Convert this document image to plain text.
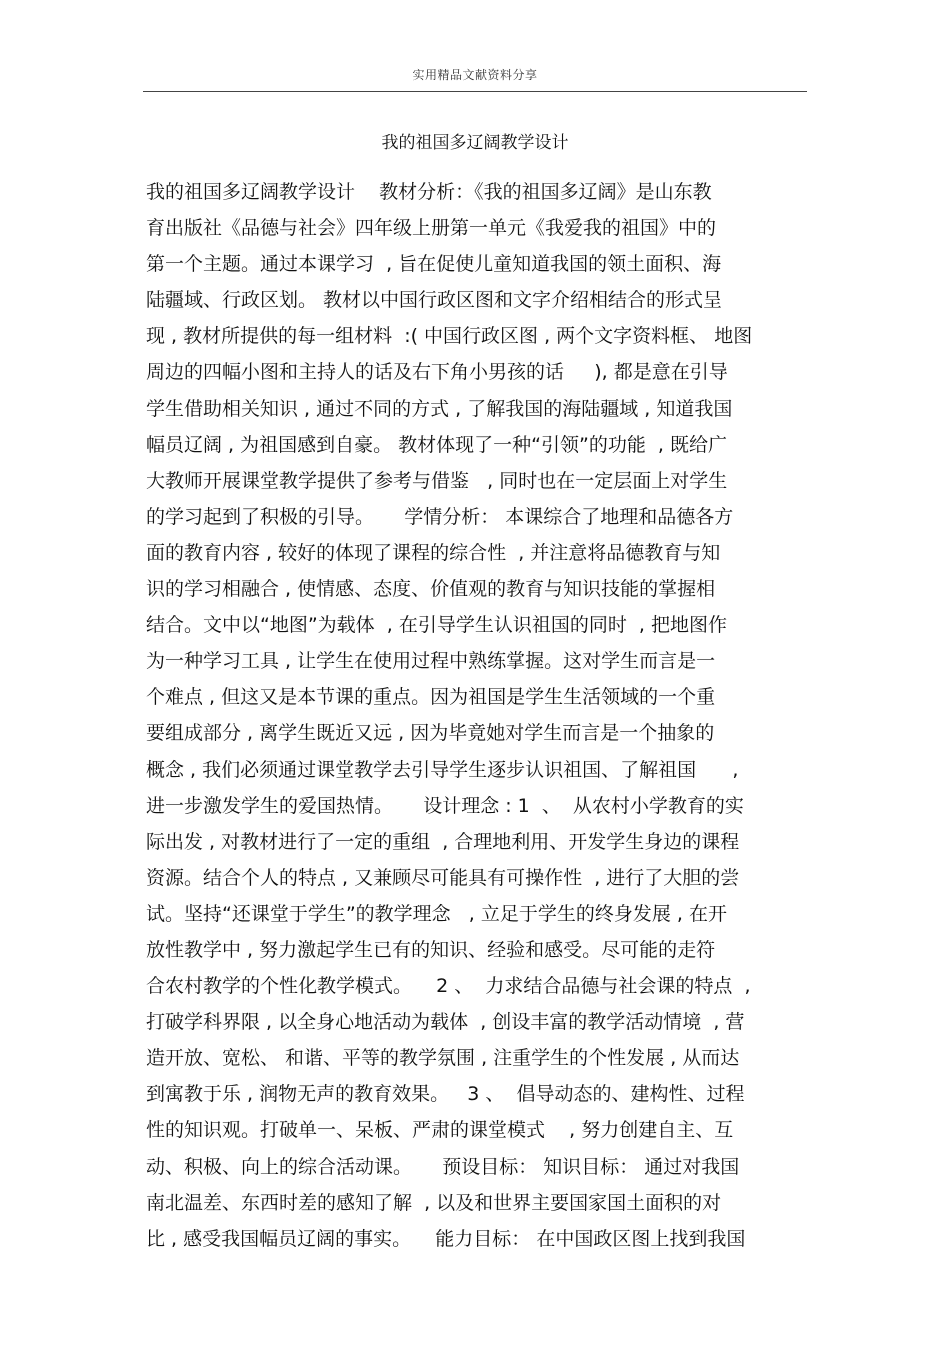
实用精品文献资料分享
我的祖国多辽阔教学设计
我的祖国多辽阔教学设计    教材分析：《我的祖国多辽阔》是山东教
育出版社《品德与社会》四年级上册第一单元《我爱我的祖国》中的
第一个主题。通过本课学习  , 旨在促使儿童知道我国的领土面积、海
陆疆域、行政区划。 教材以中国行政区图和文字介绍相结合的形式呈
现 , 教材所提供的每一组材料  :( 中国行政区图 , 两个文字资料框、 地图
周边的四幅小图和主持人的话及右下角小男孩的话     ), 都是意在引导
学生借助相关知识 , 通过不同的方式 , 了解我国的海陆疆域 , 知道我国
幅员辽阔 , 为祖国感到自豪。 教材体现了一种“引领”的功能  , 既给广
大教师开展课堂教学提供了参考与借鉴   , 同时也在一定层面上对学生
的学习起到了积极的引导。     学情分析： 本课综合了地理和品德各方
面的教育内容 , 较好的体现了课程的综合性  , 并注意将品德教育与知
识的学习相融合 , 使情感、态度、价值观的教育与知识技能的掌握相
结合。文中以“地图”为载体  , 在引导学生认识祖国的同时  , 把地图作
为一种学习工具 , 让学生在使用过程中熟练掌握。这对学生而言是一
个难点 , 但这又是本节课的重点。因为祖国是学生生活领域的一个重
要组成部分 , 离学生既近又远 , 因为毕竟她对学生而言是一个抽象的
概念 , 我们必须通过课堂教学去引导学生逐步认识祖国、了解祖国      ,
进一步激发学生的爱国热情。     设计理念 : 1  、  从农村小学教育的实
际出发 , 对教材进行了一定的重组  , 合理地利用、开发学生身边的课程
资源。结合个人的特点 , 又兼顾尽可能具有可操作性  , 进行了大胆的尝
试。坚持“还课堂于学生”的教学理念   , 立足于学生的终身发展 , 在开
放性教学中 , 努力激起学生已有的知识、经验和感受。尽可能的走符
合农村教学的个性化教学模式。    2 、  力求结合品德与社会课的特点  ,
打破学科界限 , 以全身心地活动为载体  , 创设丰富的教学活动情境  , 营
造开放、宽松、 和谐、平等的教学氛围 , 注重学生的个性发展 , 从而达
到寓教于乐 , 润物无声的教育效果。   3 、  倡导动态的、建构性、过程
性的知识观。打破单一、呆板、严肃的课堂模式    , 努力创建自主、互
动、积极、向上的综合活动课。     预设目标： 知识目标： 通过对我国
南北温差、东西时差的感知了解  , 以及和世界主要国家国土面积的对
比 , 感受我国幅员辽阔的事实。    能力目标： 在中国政区图上找到我国
